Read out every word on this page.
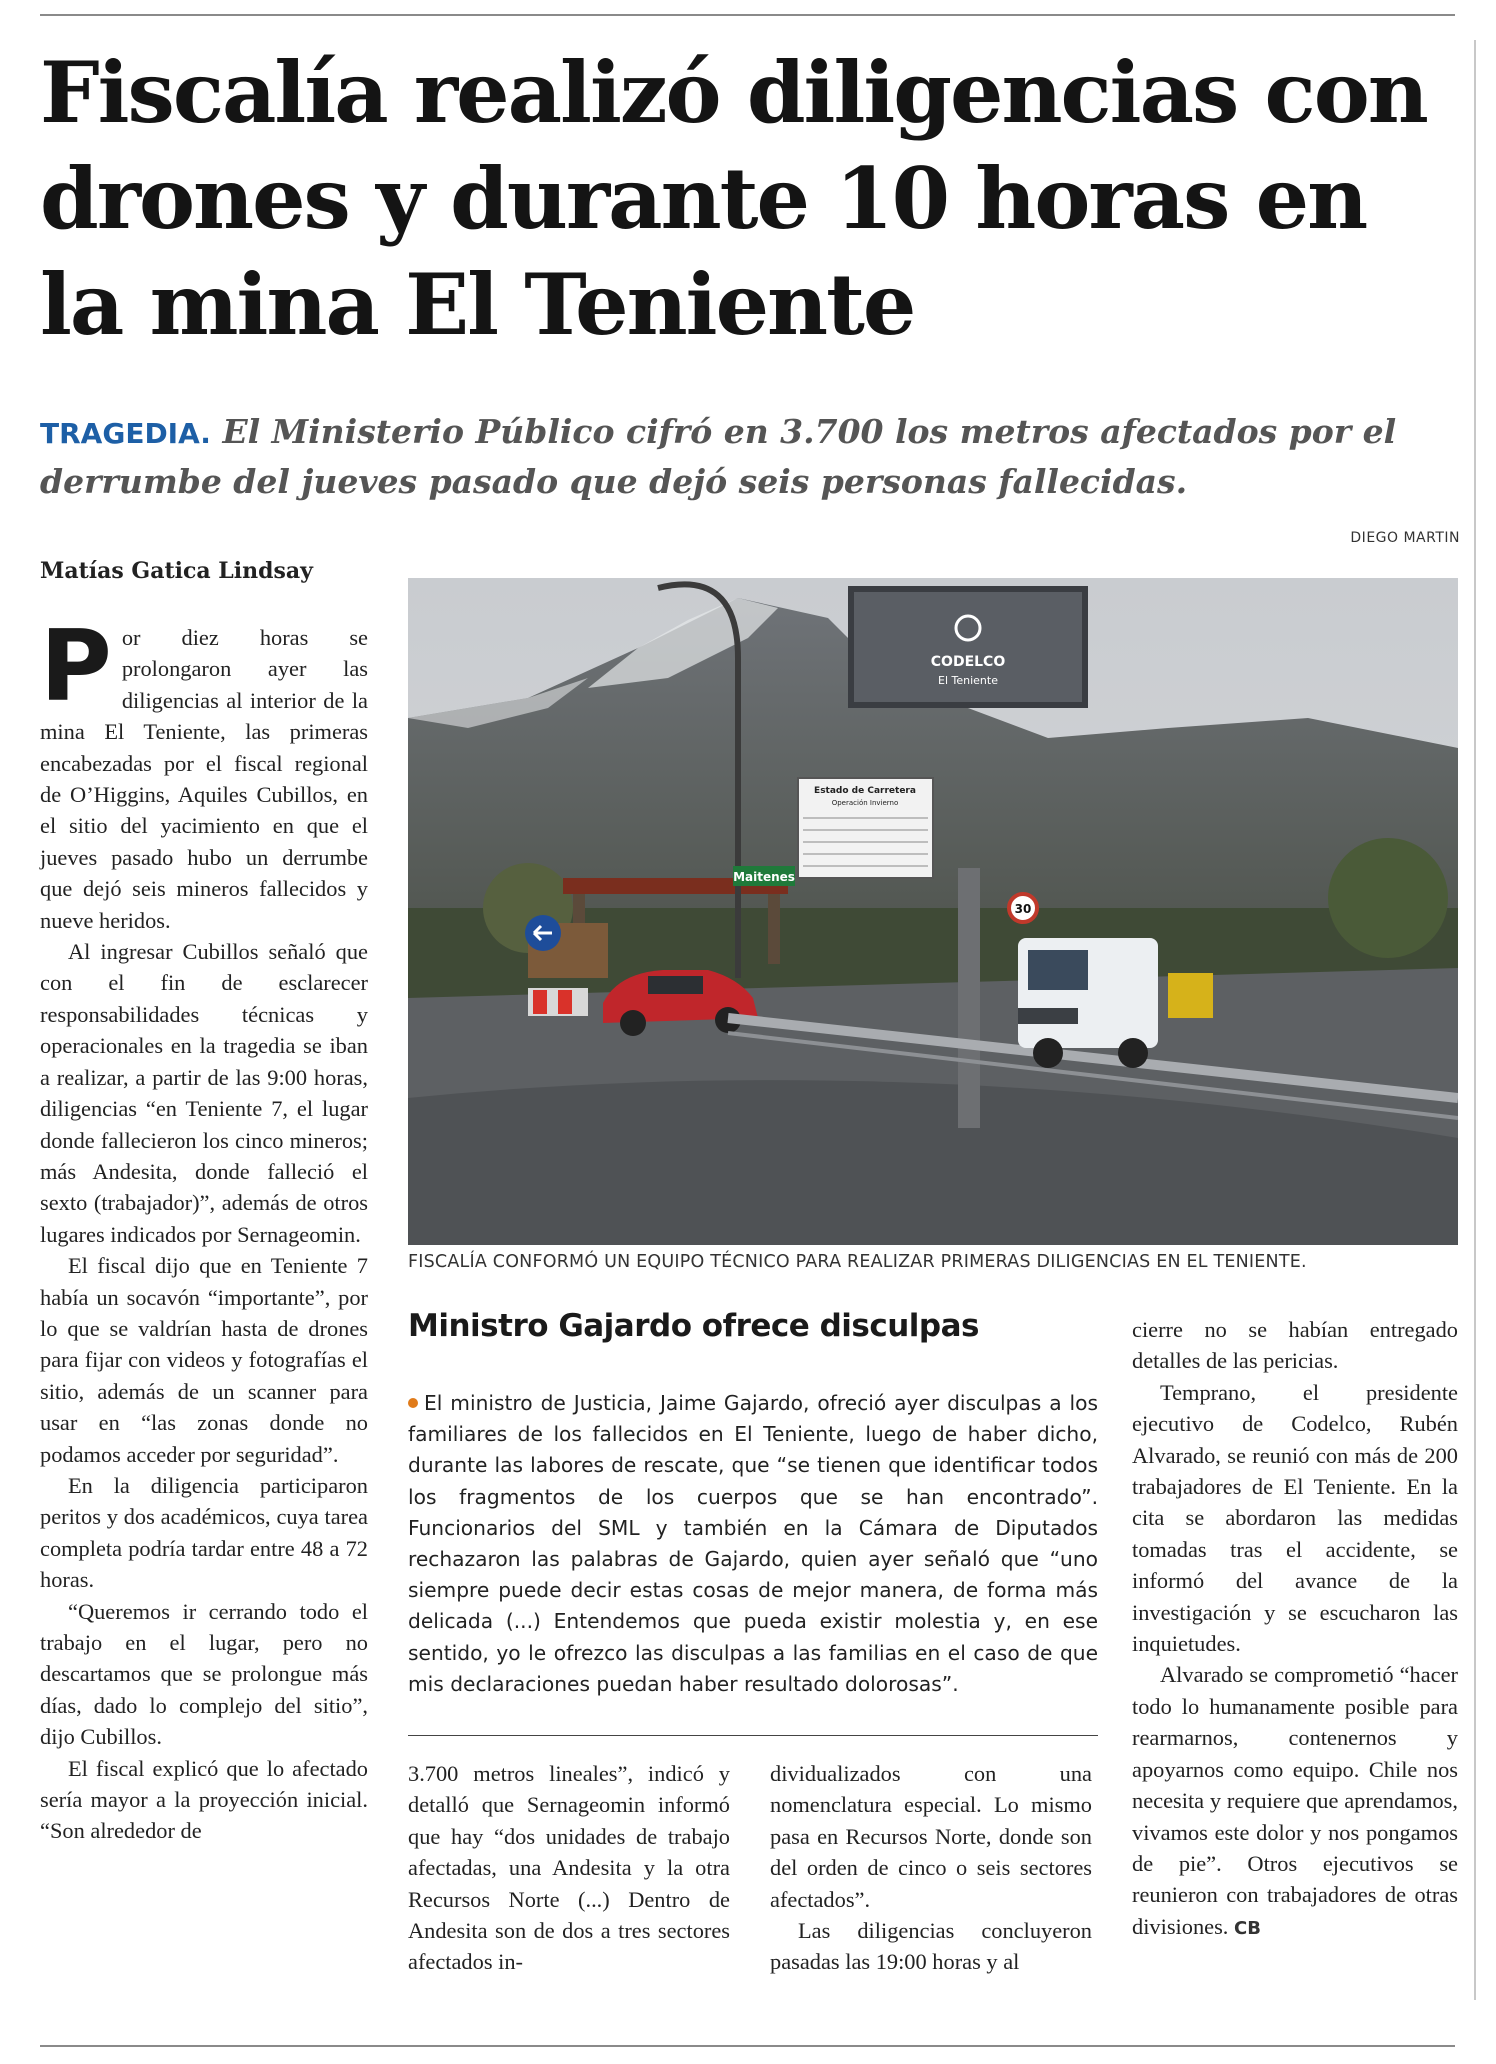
Fiscalía realizó diligencias con drones y durante 10 horas en la mina El Teniente

TRAGEDIA. El Ministerio Público cifró en 3.700 los metros afectados por el derrumbe del jueves pasado que dejó seis personas fallecidas.

DIEGO MARTIN
Matías Gatica Lindsay

Por diez horas se prolongaron ayer las diligencias al interior de la mina El Teniente, las primeras encabezadas por el fiscal regional de O’Higgins, Aquiles Cubillos, en el sitio del yacimiento en que el jueves pasado hubo un derrumbe que dejó seis mineros fallecidos y nueve heridos.

Al ingresar Cubillos señaló que con el fin de esclarecer responsabilidades técnicas y operacionales en la tragedia se iban a realizar, a partir de las 9:00 horas, diligencias “en Teniente 7, el lugar donde fallecieron los cinco mineros; más Andesita, donde falleció el sexto (trabajador)”, además de otros lugares indicados por Sernageomin.

El fiscal dijo que en Teniente 7 había un socavón “importante”, por lo que se valdrían hasta de drones para fijar con videos y fotografías el sitio, además de un scanner para usar en “las zonas donde no podamos acceder por seguridad”.

En la diligencia participaron peritos y dos académicos, cuya tarea completa podría tardar entre 48 a 72 horas.

“Queremos ir cerrando todo el trabajo en el lugar, pero no descartamos que se prolongue más días, dado lo complejo del sitio”, dijo Cubillos.

El fiscal explicó que lo afectado sería mayor a la proyección inicial. “Son alrededor de

CODELCO
El Teniente
Estado de Carretera
Operación Invierno
Maitenes
30
FISCALÍA CONFORMÓ UN EQUIPO TÉCNICO PARA REALIZAR PRIMERAS DILIGENCIAS EN EL TENIENTE.
Ministro Gajardo ofrece disculpas
El ministro de Justicia, Jaime Gajardo, ofreció ayer disculpas a los familiares de los fallecidos en El Teniente, luego de haber dicho, durante las labores de rescate, que “se tienen que identificar todos los fragmentos de los cuerpos que se han encontrado”. Funcionarios del SML y también en la Cámara de Diputados rechazaron las palabras de Gajardo, quien ayer señaló que “uno siempre puede decir estas cosas de mejor manera, de forma más delicada (...) Entendemos que pueda existir molestia y, en ese sentido, yo le ofrezco las disculpas a las familias en el caso de que mis declaraciones puedan haber resultado dolorosas”.

3.700 metros lineales”, indicó y detalló que Sernageomin informó que hay “dos unidades de trabajo afectadas, una Andesita y la otra Recursos Norte (...) Dentro de Andesita son de dos a tres sectores afectados in-

dividualizados con una nomenclatura especial. Lo mismo pasa en Recursos Norte, donde son del orden de cinco o seis sectores afectados”.

Las diligencias concluyeron pasadas las 19:00 horas y al

cierre no se habían entregado detalles de las pericias.

Temprano, el presidente ejecutivo de Codelco, Rubén Alvarado, se reunió con más de 200 trabajadores de El Teniente. En la cita se abordaron las medidas tomadas tras el accidente, se informó del avance de la investigación y se escucharon las inquietudes.

Alvarado se comprometió “hacer todo lo humanamente posible para rearmarnos, contenernos y apoyarnos como equipo. Chile nos necesita y requiere que aprendamos, vivamos este dolor y nos pongamos de pie”. Otros ejecutivos se reunieron con trabajadores de otras divisiones. CB
